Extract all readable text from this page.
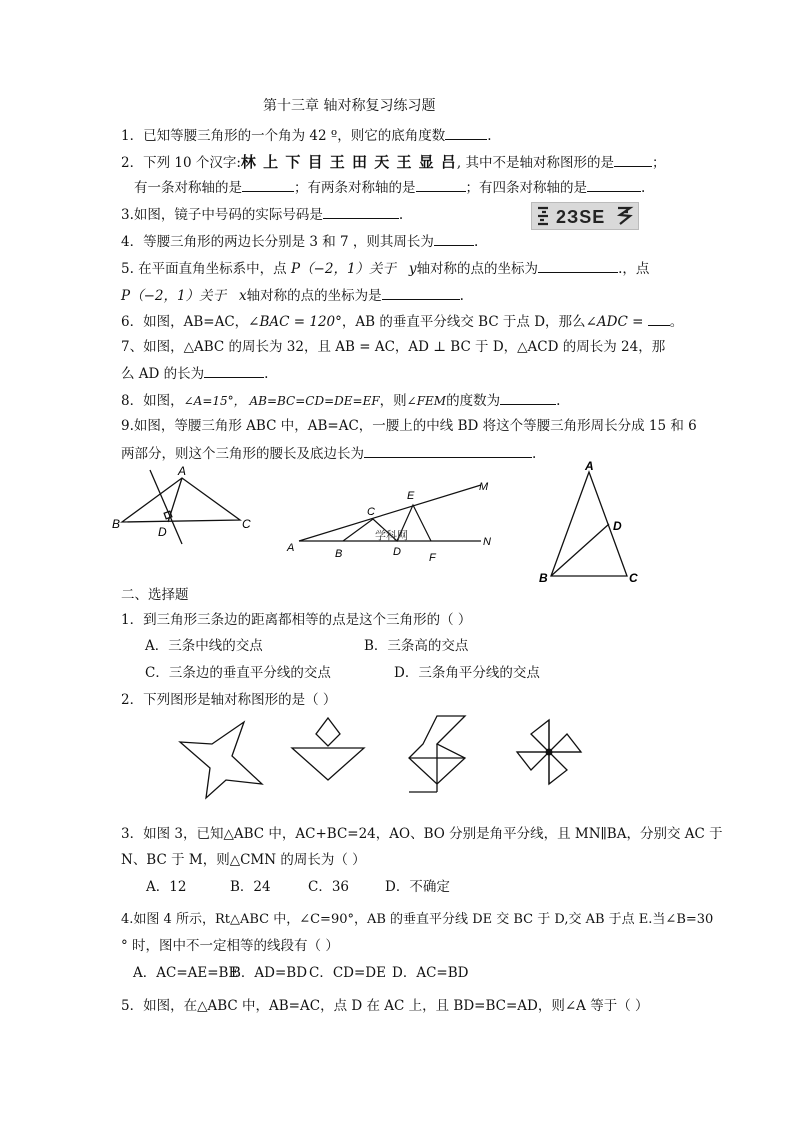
第十三章 轴对称复习练习题
1．已知等腰三角形的一个角为 42 º，则它的底角度数	.
2．下列 10 个汉字:林 上 下 目 王 田 天 王 显 吕, 其中不是轴对称图形的是	；
有一条对称轴的是	；有两条对称轴的是	；有四条对称轴的是	.
3.如图，镜子中号码的实际号码是	.	2ЗSE
4．等腰三角形的两边长分别是 3 和 7 ，则其周长为	.
5. 在平面直角坐标系中，点 P（−2，1）关于 y轴对称的点的坐标为	.，点
P（−2，1）关于 x轴对称的点的坐标为是	.
6．如图，AB=AC，∠BAC = 120°，AB 的垂直平分线交 BC 于点 D，那么∠ADC = 。
7、如图，△ABC 的周长为 32，且 AB = AC，AD ⊥ BC 于 D，△ACD 的周长为 24，那
么 AD 的长为	.
8．如图，∠A=15°， AB=BC=CD=DE=EF，则∠FEM的度数为	.
9.如图，等腰三角形 ABC 中，AB=AC，一腰上的中线 BD 将这个等腰三角形周长分成 15 和 6
两部分，则这个三角形的腰长及底边长为	.
A
B	C
D
A	B
C
D
E
F
M
N
学科网
A
B	C
D
二、选择题
1．到三角形三条边的距离都相等的点是这个三角形的（ ）
A．三条中线的交点	B．三条高的交点
C．三条边的垂直平分线的交点	D．三条角平分线的交点
2．下列图形是轴对称图形的是（ ）
3．如图 3，已知△ABC 中，AC+BC=24，AO、BO 分别是角平分线，且 MN∥BA，分别交 AC 于
N、BC 于 M，则△CMN 的周长为（ ）
A．12	B．24	C．36	D．不确定
4.如图 4 所示，Rt△ABC 中，∠C=90°，AB 的垂直平分线 DE 交 BC 于 D,交 AB 于点 E.当∠B=30
° 时，图中不一定相等的线段有（ ）
A．AC=AE=BE
B．AD=BD C．CD=DE D．AC=BD
5．如图，在△ABC 中，AB=AC，点 D 在 AC 上，且 BD=BC=AD，则∠A 等于（ ）
